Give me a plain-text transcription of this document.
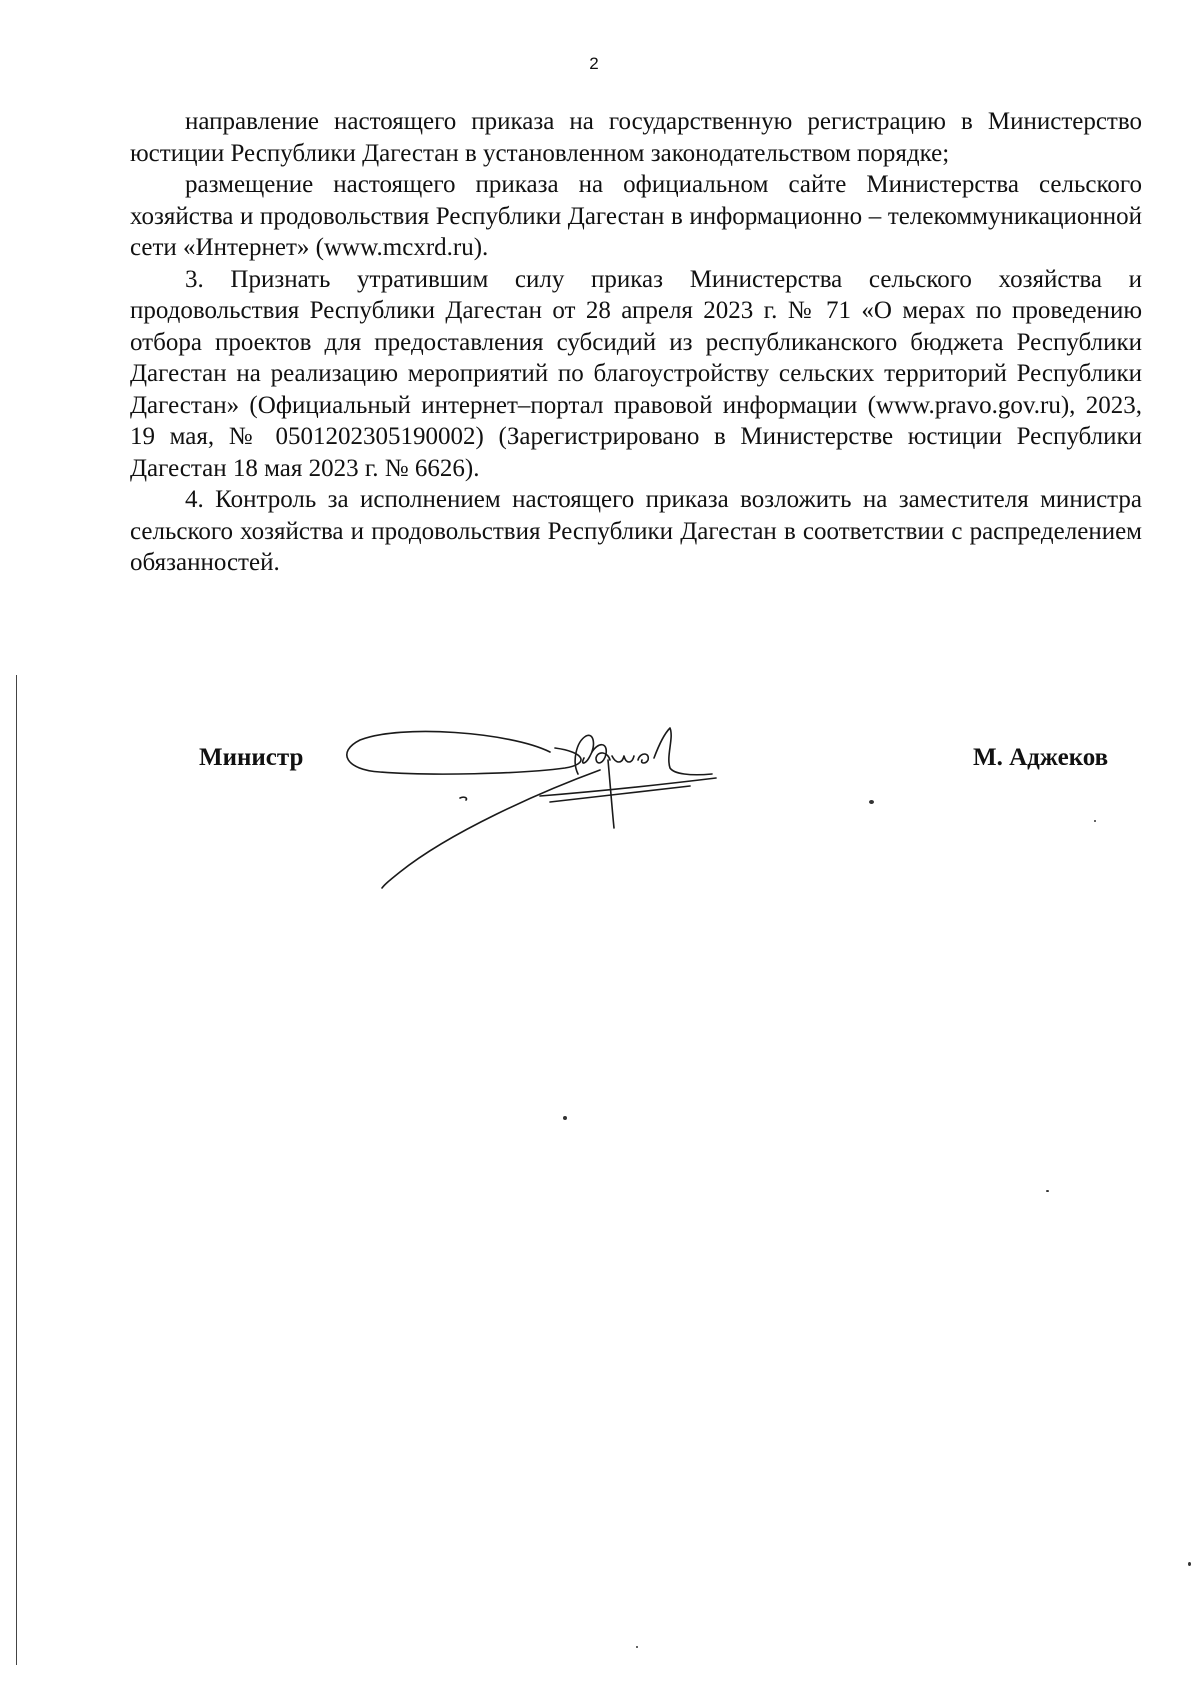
2

направление настоящего приказа на государственную регистрацию в Министерство юстиции Республики Дагестан в установленном законодательством порядке;

размещение настоящего приказа на официальном сайте Министерства сельского хозяйства и продовольствия Республики Дагестан в информационно – телекоммуникационной сети «Интернет» (www.mcxrd.ru).

3. Признать утратившим силу приказ Министерства сельского хозяйства и продовольствия Республики Дагестан от 28 апреля 2023 г. № 71 «О мерах по проведению отбора проектов для предоставления субсидий из республиканского бюджета Республики Дагестан на реализацию мероприятий по благоустройству сельских территорий Республики Дагестан» (Официальный интернет–портал правовой информации (www.pravo.gov.ru), 2023, 19 мая, № 0501202305190002) (Зарегистрировано в Министерстве юстиции Республики Дагестан 18 мая 2023 г. № 6626).

4. Контроль за исполнением настоящего приказа возложить на заместителя министра сельского хозяйства и продовольствия Республики Дагестан в соответствии с распределением обязанностей.

Министр	М. Аджеков
